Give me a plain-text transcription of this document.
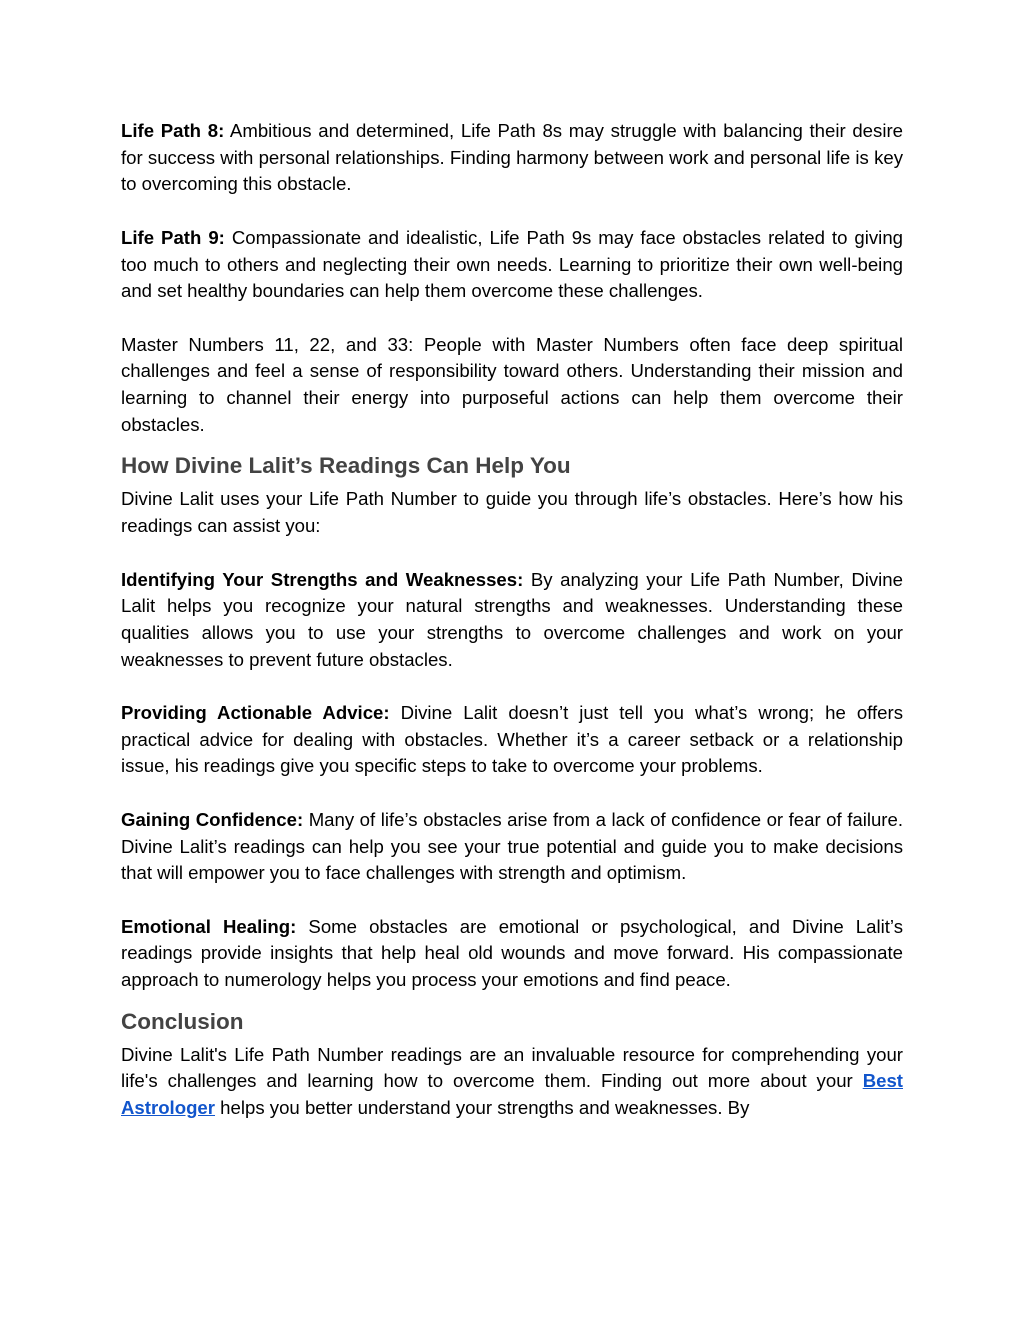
Life Path 8: Ambitious and determined, Life Path 8s may struggle with balancing their desire for success with personal relationships. Finding harmony between work and personal life is key to overcoming this obstacle.

Life Path 9: Compassionate and idealistic, Life Path 9s may face obstacles related to giving too much to others and neglecting their own needs. Learning to prioritize their own well-being and set healthy boundaries can help them overcome these challenges.

Master Numbers 11, 22, and 33: People with Master Numbers often face deep spiritual challenges and feel a sense of responsibility toward others. Understanding their mission and learning to channel their energy into purposeful actions can help them overcome their obstacles.

How Divine Lalit’s Readings Can Help You

Divine Lalit uses your Life Path Number to guide you through life’s obstacles. Here’s how his readings can assist you:

Identifying Your Strengths and Weaknesses: By analyzing your Life Path Number, Divine Lalit helps you recognize your natural strengths and weaknesses. Understanding these qualities allows you to use your strengths to overcome challenges and work on your weaknesses to prevent future obstacles.

Providing Actionable Advice: Divine Lalit doesn’t just tell you what’s wrong; he offers practical advice for dealing with obstacles. Whether it’s a career setback or a relationship issue, his readings give you specific steps to take to overcome your problems.

Gaining Confidence: Many of life’s obstacles arise from a lack of confidence or fear of failure. Divine Lalit’s readings can help you see your true potential and guide you to make decisions that will empower you to face challenges with strength and optimism.

Emotional Healing: Some obstacles are emotional or psychological, and Divine Lalit’s readings provide insights that help heal old wounds and move forward. His compassionate approach to numerology helps you process your emotions and find peace.

Conclusion

Divine Lalit's Life Path Number readings are an invaluable resource for comprehending your life's challenges and learning how to overcome them. Finding out more about your Best Astrologer helps you better understand your strengths and weaknesses. By
